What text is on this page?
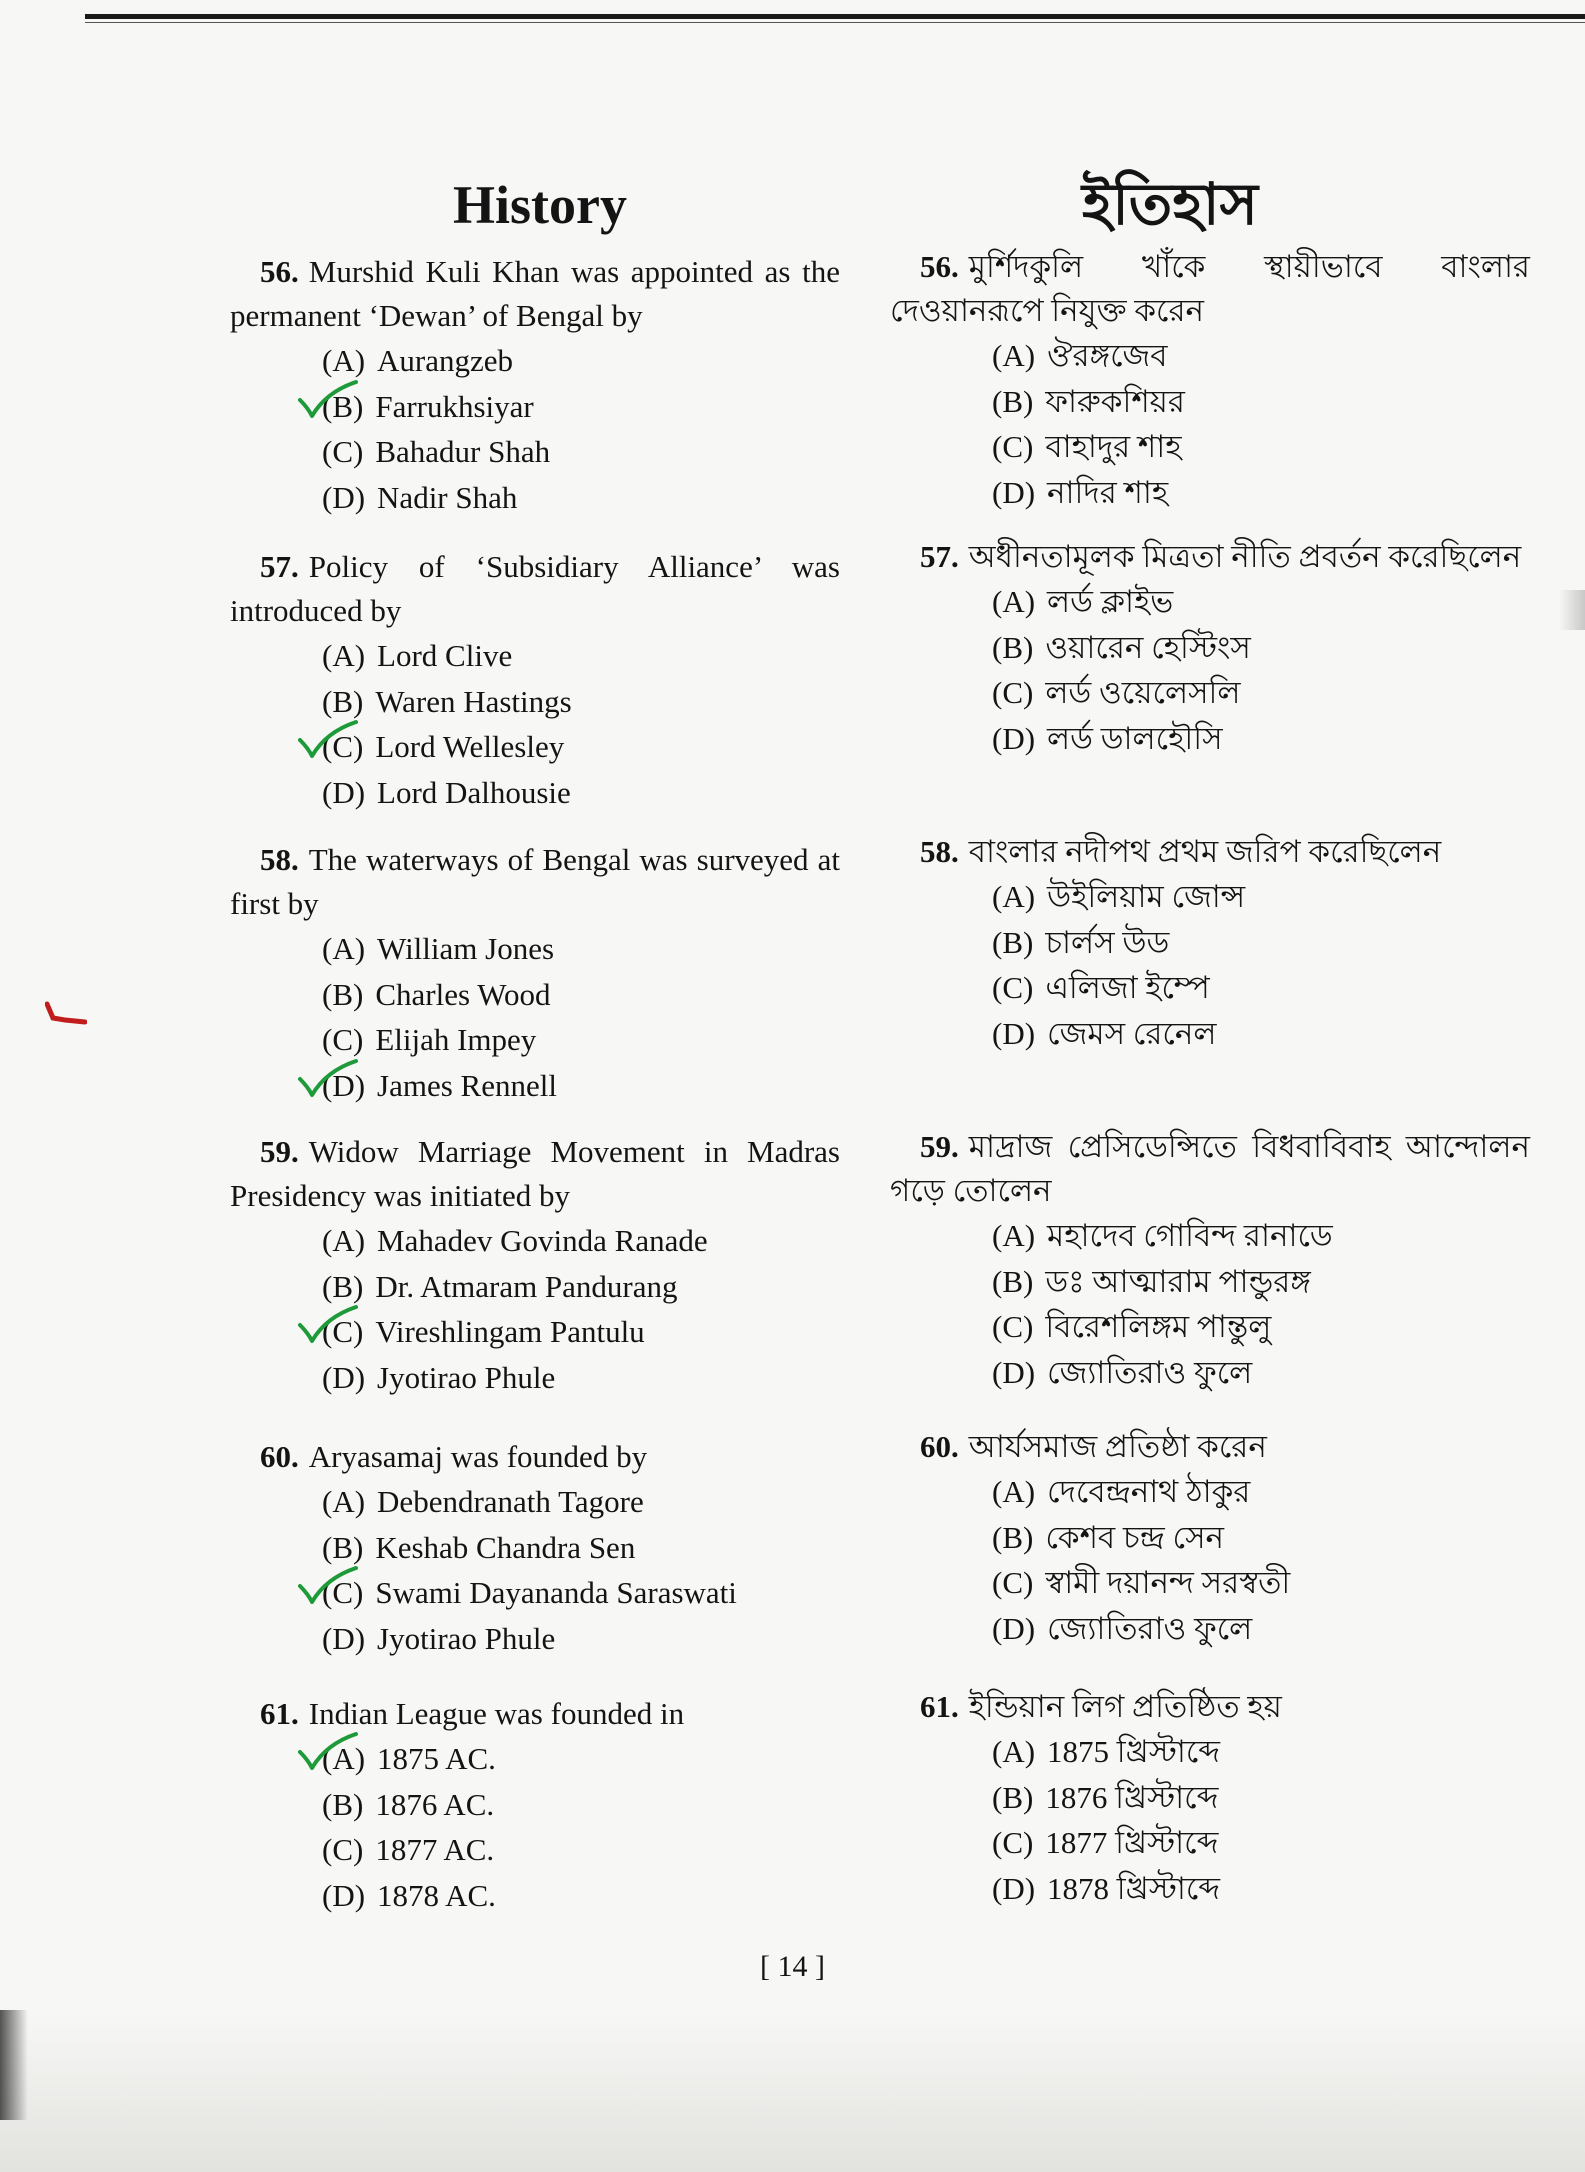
History
56. Murshid Kuli Khan was appointed as the permanent ‘Dewan’ of Bengal by
(A) Aurangzeb
(B) Farrukhsiyar
(C) Bahadur Shah
(D) Nadir Shah
57. Policy of ‘Subsidiary Alliance’ was introduced by
(A) Lord Clive
(B) Waren Hastings
(C) Lord Wellesley
(D) Lord Dalhousie
58. The waterways of Bengal was surveyed at first by
(A) William Jones
(B) Charles Wood
(C) Elijah Impey
(D) James Rennell
59. Widow Marriage Movement in Madras Presidency was initiated by
(A) Mahadev Govinda Ranade
(B) Dr. Atmaram Pandurang
(C) Vireshlingam Pantulu
(D) Jyotirao Phule
60. Aryasamaj was founded by
(A) Debendranath Tagore
(B) Keshab Chandra Sen
(C) Swami Dayananda Saraswati
(D) Jyotirao Phule
61. Indian League was founded in
(A) 1875 AC.
(B) 1876 AC.
(C) 1877 AC.
(D) 1878 AC.
ইতিহাস
56. মুর্শিদকুলি খাঁকে স্থায়ীভাবে বাংলার দেওয়ানরূপে নিযুক্ত করেন
(A) ঔরঙ্গজেব
(B) ফারুকশিয়র
(C) বাহাদুর শাহ
(D) নাদির শাহ
57. অধীনতামূলক মিত্রতা নীতি প্রবর্তন করেছিলেন
(A) লর্ড ক্লাইভ
(B) ওয়ারেন হেস্টিংস
(C) লর্ড ওয়েলেসলি
(D) লর্ড ডালহৌসি
58. বাংলার নদীপথ প্রথম জরিপ করেছিলেন
(A) উইলিয়াম জোন্স
(B) চার্লস উড
(C) এলিজা ইম্পে
(D) জেমস রেনেল
59. মাদ্রাজ প্রেসিডেন্সিতে বিধবাবিবাহ আন্দোলন গড়ে তোলেন
(A) মহাদেব গোবিন্দ রানাডে
(B) ডঃ আত্মারাম পান্ডুরঙ্গ
(C) বিরেশলিঙ্গম পান্তুলু
(D) জ্যোতিরাও ফুলে
60. আর্যসমাজ প্রতিষ্ঠা করেন
(A) দেবেন্দ্রনাথ ঠাকুর
(B) কেশব চন্দ্র সেন
(C) স্বামী দয়ানন্দ সরস্বতী
(D) জ্যোতিরাও ফুলে
61. ইন্ডিয়ান লিগ প্রতিষ্ঠিত হয়
(A) 1875 খ্রিস্টাব্দে
(B) 1876 খ্রিস্টাব্দে
(C) 1877 খ্রিস্টাব্দে
(D) 1878 খ্রিস্টাব্দে
[ 14 ]
